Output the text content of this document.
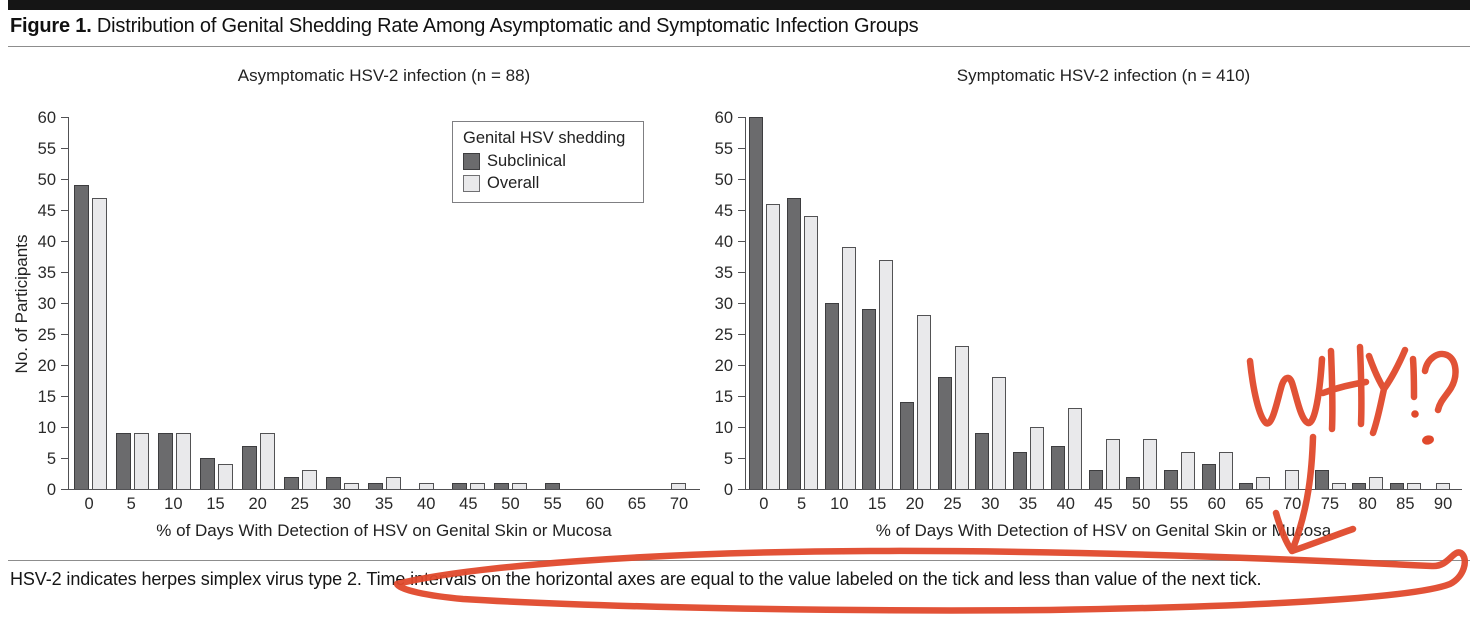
Figure 1. Distribution of Genital Shedding Rate Among Asymptomatic and Symptomatic Infection Groups
Asymptomatic HSV-2 infection (n = 88)	Symptomatic HSV-2 infection (n = 410)
No. of Participants
0
5
10
15
20
25
30
35
40
45
50
55
60
0
5
10
15
20
25
30
35
40
45
50
55
60
0	5	10	15	20	25	30	35	40	45	50	55	60	65	70	0	5	10	15	20	25	30	35	40	45	50	55	60	65	70	75	80	85	90
% of Days With Detection of HSV on Genital Skin or Mucosa	% of Days With Detection of HSV on Genital Skin or Mucosa
Genital HSV shedding
Subclinical
Overall
HSV-2 indicates herpes simplex virus type 2. Time intervals on the horizontal axes are equal to the value labeled on the tick and less than value of the next tick.
